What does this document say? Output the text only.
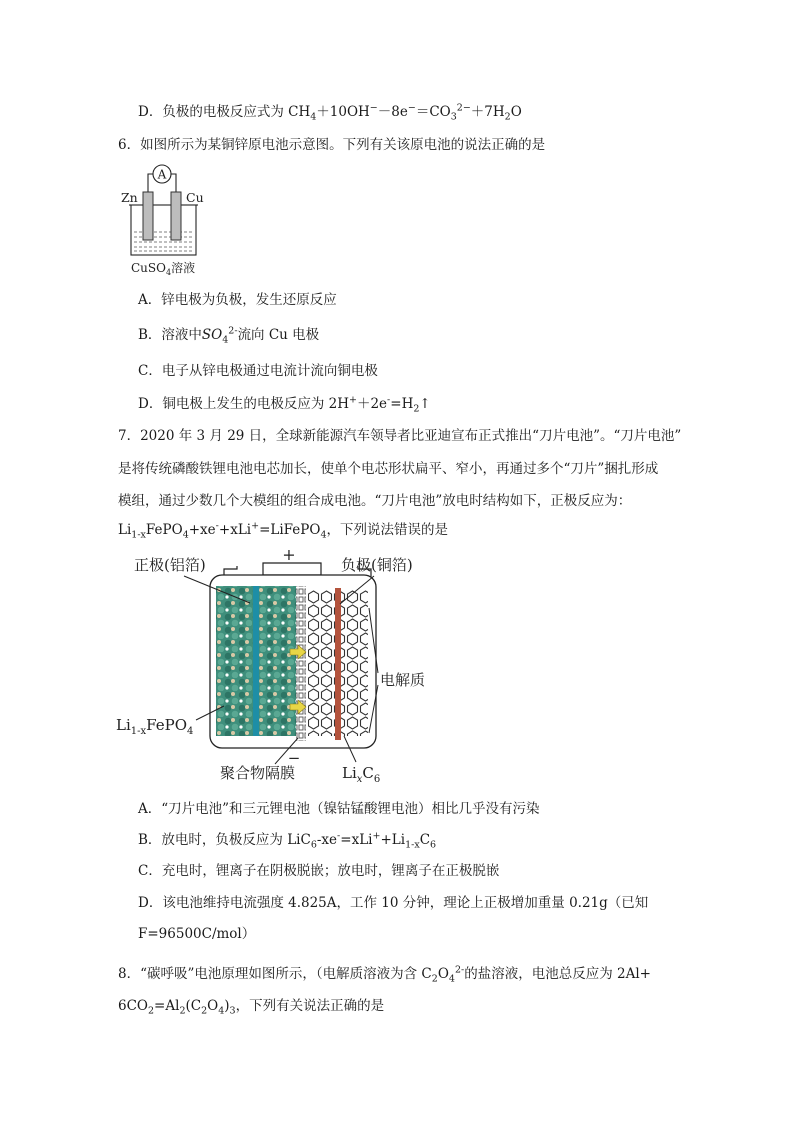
D．负极的电极反应式为 $CH_4+10OH^--8e^-=CO_3^{2-}+7H_2O$
6．如图所示为某铜锌原电池示意图。下列有关该原电池的说法正确的是
A
Zn	Cu
CuSO$_4$溶液
A．锌电极为负极，发生还原反应
B．溶液中$SO_4^{2-}$流向 Cu 电极
C．电子从锌电极通过电流计流向铜电极
D．铜电极上发生的电极反应为 $2H^++2e^-=H_2↑$
7．2020 年 3 月 29 日，全球新能源汽车领导者比亚迪宣布正式推出“刀片电池”。“刀片电池”
是将传统磷酸铁锂电池电芯加长，使单个电芯形状扁平、窄小，再通过多个“刀片”捆扎形成
模组，通过少数几个大模组的组合成电池。“刀片电池”放电时结构如下，正极反应为：
$Li_{1-x}FePO_4+xe^-+xLi^+=LiFePO_4$，下列说法错误的是
+
−
正极(铝箔)	负极(铜箔)
电解质
$Li_{1-x}FePO_4$
聚合物隔膜	$Li_xC_6$
A．“刀片电池”和三元锂电池（镍钴锰酸锂电池）相比几乎没有污染
B．放电时，负极反应为 $LiC_6-xe^-=xLi^++Li_{1-x}C_6$
C．充电时，锂离子在阴极脱嵌；放电时，锂离子在正极脱嵌
D．该电池维持电流强度 4.825A，工作 10 分钟，理论上正极增加重量 0.21g（已知
F=96500C/mol）
8．“碳呼吸”电池原理如图所示，（电解质溶液为含 $C_2O_4^{2-}$的盐溶液，电池总反应为 2Al+
$6CO_2=Al_2(C_2O_4)_3$，下列有关说法正确的是
